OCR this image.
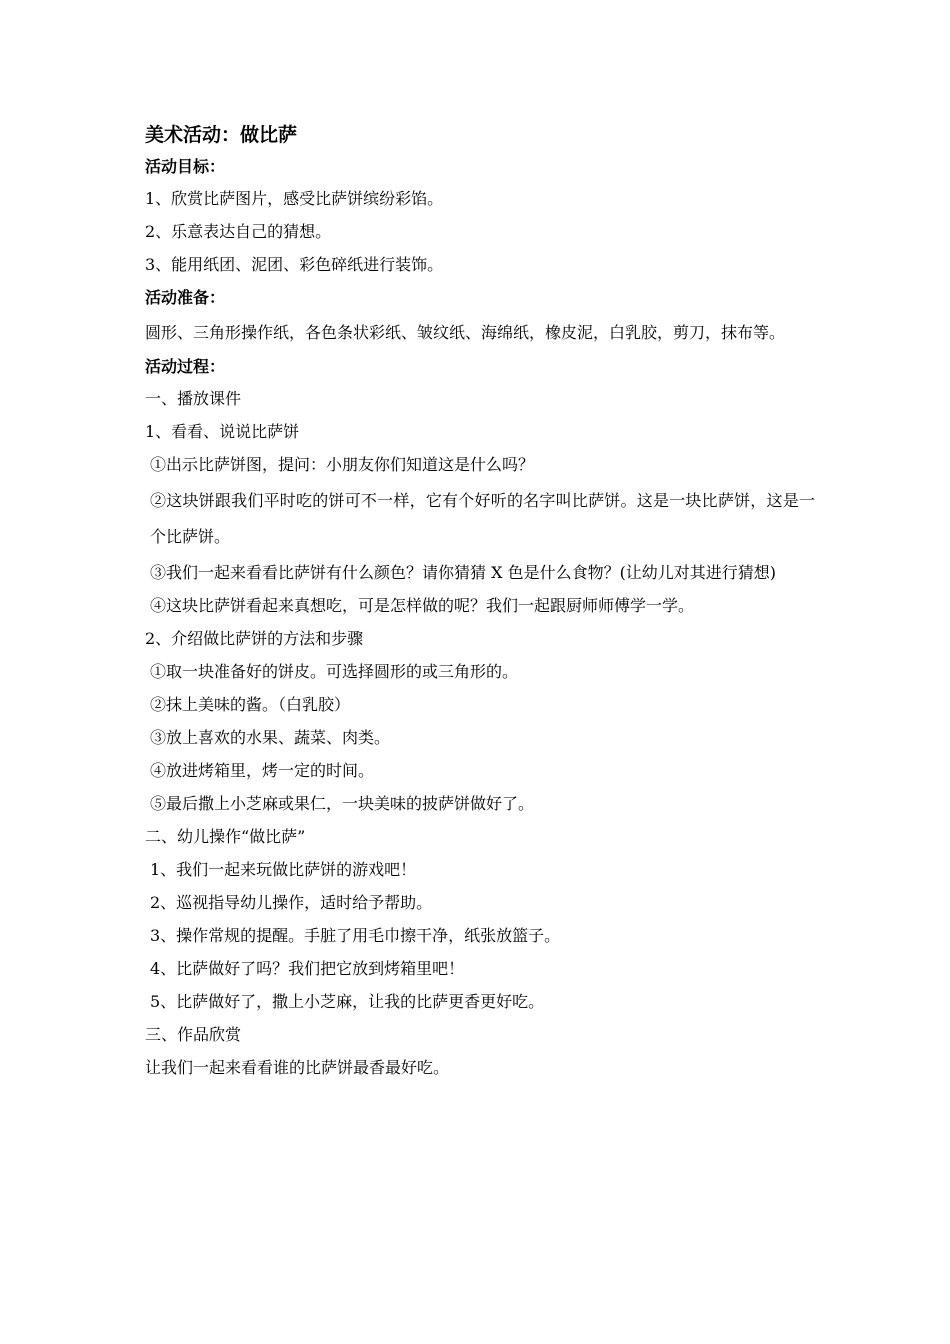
美术活动：做比萨
活动目标：
1、欣赏比萨图片，感受比萨饼缤纷彩馅。
2、乐意表达自己的猜想。
3、能用纸团、泥团、彩色碎纸进行装饰。
活动准备：
圆形、三角形操作纸，各色条状彩纸、皱纹纸、海绵纸，橡皮泥，白乳胶，剪刀，抹布等。
活动过程：
一、播放课件
1、看看、说说比萨饼
①出示比萨饼图，提问：小朋友你们知道这是什么吗？
②这块饼跟我们平时吃的饼可不一样，它有个好听的名字叫比萨饼。这是一块比萨饼，这是一个比萨饼。
③我们一起来看看比萨饼有什么颜色？请你猜猜 X 色是什么食物？(让幼儿对其进行猜想)
④这块比萨饼看起来真想吃，可是怎样做的呢？我们一起跟厨师师傅学一学。
2、介绍做比萨饼的方法和步骤
①取一块准备好的饼皮。可选择圆形的或三角形的。
②抹上美味的酱。（白乳胶）
③放上喜欢的水果、蔬菜、肉类。
④放进烤箱里，烤一定的时间。
⑤最后撒上小芝麻或果仁，一块美味的披萨饼做好了。
二、幼儿操作“做比萨”
1、我们一起来玩做比萨饼的游戏吧！
2、巡视指导幼儿操作，适时给予帮助。
3、操作常规的提醒。手脏了用毛巾擦干净，纸张放篮子。
4、比萨做好了吗？我们把它放到烤箱里吧！
5、比萨做好了，撒上小芝麻，让我的比萨更香更好吃。
三、作品欣赏
让我们一起来看看谁的比萨饼最香最好吃。
